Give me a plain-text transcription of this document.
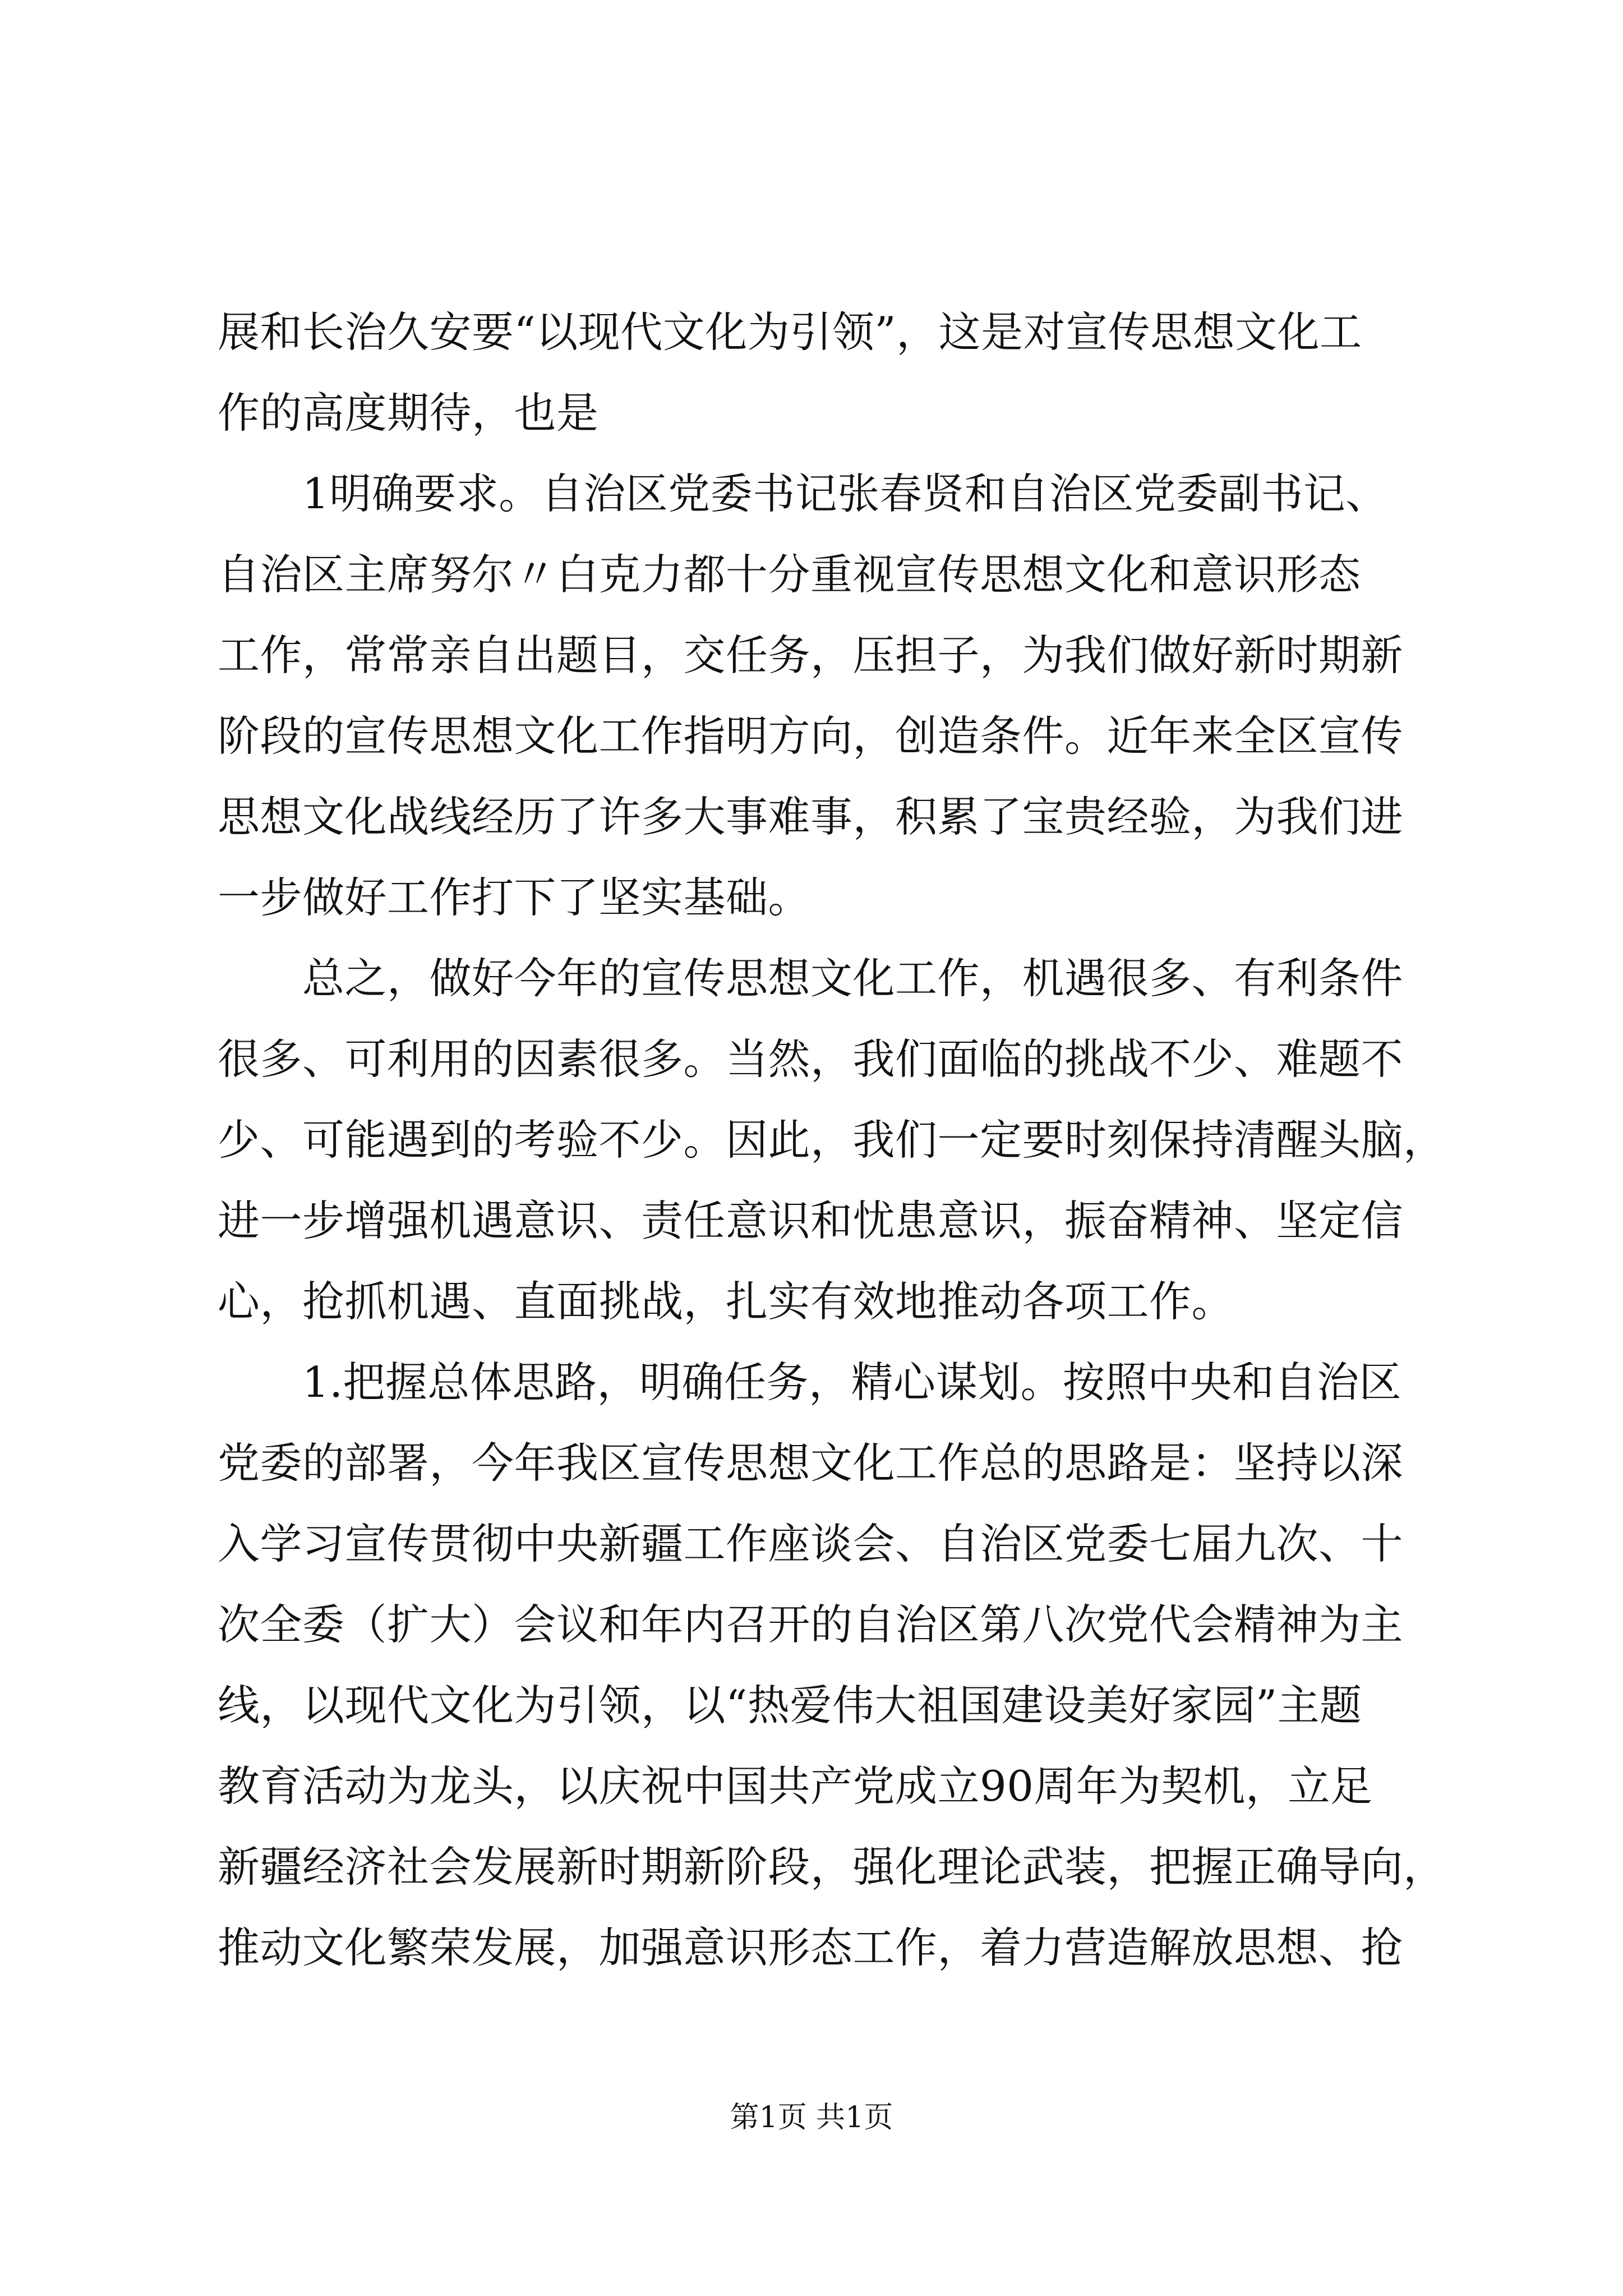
展和长治久安要“以现代文化为引领”，这是对宣传思想文化工
作的高度期待，也是
　　1明确要求。自治区党委书记张春贤和自治区党委副书记、
自治区主席努尔〃白克力都十分重视宣传思想文化和意识形态
工作，常常亲自出题目，交任务，压担子，为我们做好新时期新
阶段的宣传思想文化工作指明方向，创造条件。近年来全区宣传
思想文化战线经历了许多大事难事，积累了宝贵经验，为我们进
一步做好工作打下了坚实基础。
　　总之，做好今年的宣传思想文化工作，机遇很多、有利条件
很多、可利用的因素很多。当然，我们面临的挑战不少、难题不
少、可能遇到的考验不少。因此，我们一定要时刻保持清醒头脑，
进一步增强机遇意识、责任意识和忧患意识，振奋精神、坚定信
心，抢抓机遇、直面挑战，扎实有效地推动各项工作。
　　1.把握总体思路，明确任务，精心谋划。按照中央和自治区
党委的部署，今年我区宣传思想文化工作总的思路是：坚持以深
入学习宣传贯彻中央新疆工作座谈会、自治区党委七届九次、十
次全委（扩大）会议和年内召开的自治区第八次党代会精神为主
线，以现代文化为引领，以“热爱伟大祖国建设美好家园”主题
教育活动为龙头，以庆祝中国共产党成立90周年为契机，立足
新疆经济社会发展新时期新阶段，强化理论武装，把握正确导向，
推动文化繁荣发展，加强意识形态工作，着力营造解放思想、抢
第1页 共1页
